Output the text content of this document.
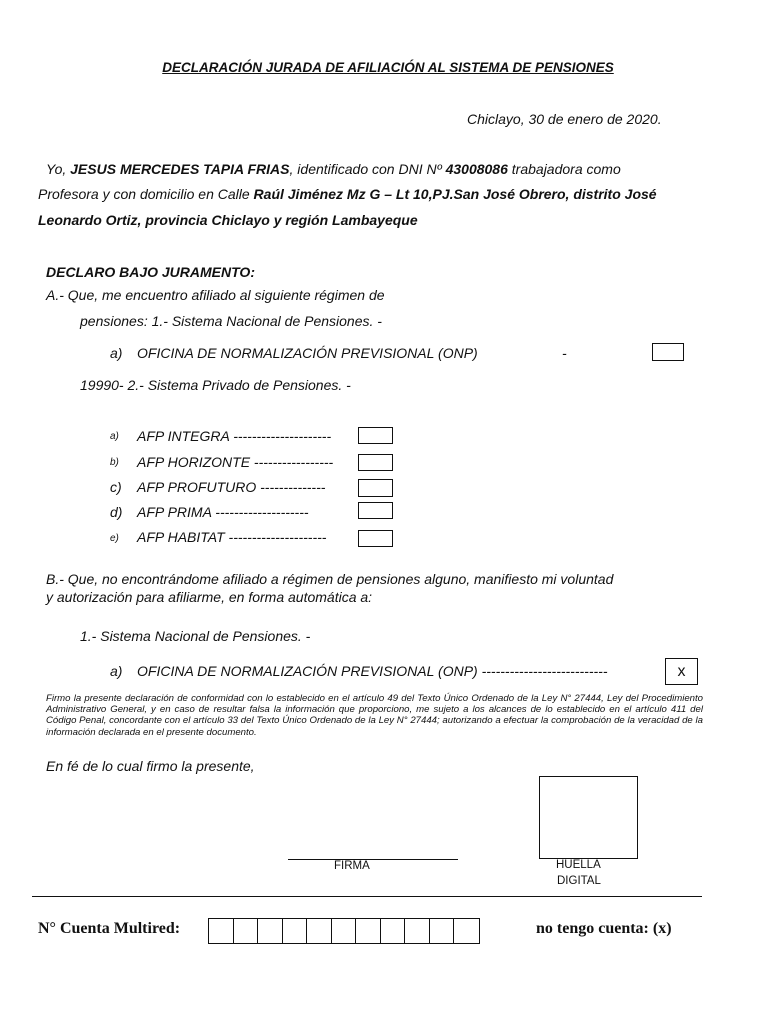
DECLARACIÓN JURADA DE AFILIACIÓN AL SISTEMA DE PENSIONES
Chiclayo, 30 de enero de 2020.
Yo, JESUS MERCEDES TAPIA FRIAS, identificado con DNI Nº 43008086 trabajadora como
Profesora y con domicilio en Calle Raúl Jiménez Mz G – Lt 10,PJ.San José Obrero, distrito José
Leonardo Ortiz, provincia Chiclayo y región Lambayeque
DECLARO BAJO JURAMENTO:
A.- Que, me encuentro afiliado al siguiente régimen de
pensiones: 1.- Sistema Nacional de Pensiones. -
a) OFICINA DE NORMALIZACIÓN PREVISIONAL (ONP)	-
19990- 2.- Sistema Privado de Pensiones. -
a) AFP INTEGRA ---------------------
b) AFP HORIZONTE -----------------
c) AFP PROFUTURO --------------
d) AFP PRIMA --------------------
e) AFP HABITAT ---------------------
B.- Que, no encontrándome afiliado a régimen de pensiones alguno, manifiesto mi voluntad
y autorización para afiliarme, en forma automática a:
1.- Sistema Nacional de Pensiones. -
a) OFICINA DE NORMALIZACIÓN PREVISIONAL (ONP) ---------------------------	x
Firmo la presente declaración de conformidad con lo establecido en el artículo 49 del Texto Único Ordenado de la Ley N° 27444, Ley del Procedimiento Administrativo General, y en caso de resultar falsa la información que proporciono, me sujeto a los alcances de lo establecido en el artículo 411 del Código Penal, concordante con el artículo 33 del Texto Único Ordenado de la Ley N° 27444; autorizando a efectuar la comprobación de la veracidad de la información declarada en el presente documento.
En fé de lo cual firmo la presente,
FIRMA	HUELLA
DIGITAL
N° Cuenta Multired:	no tengo cuenta: (x)
